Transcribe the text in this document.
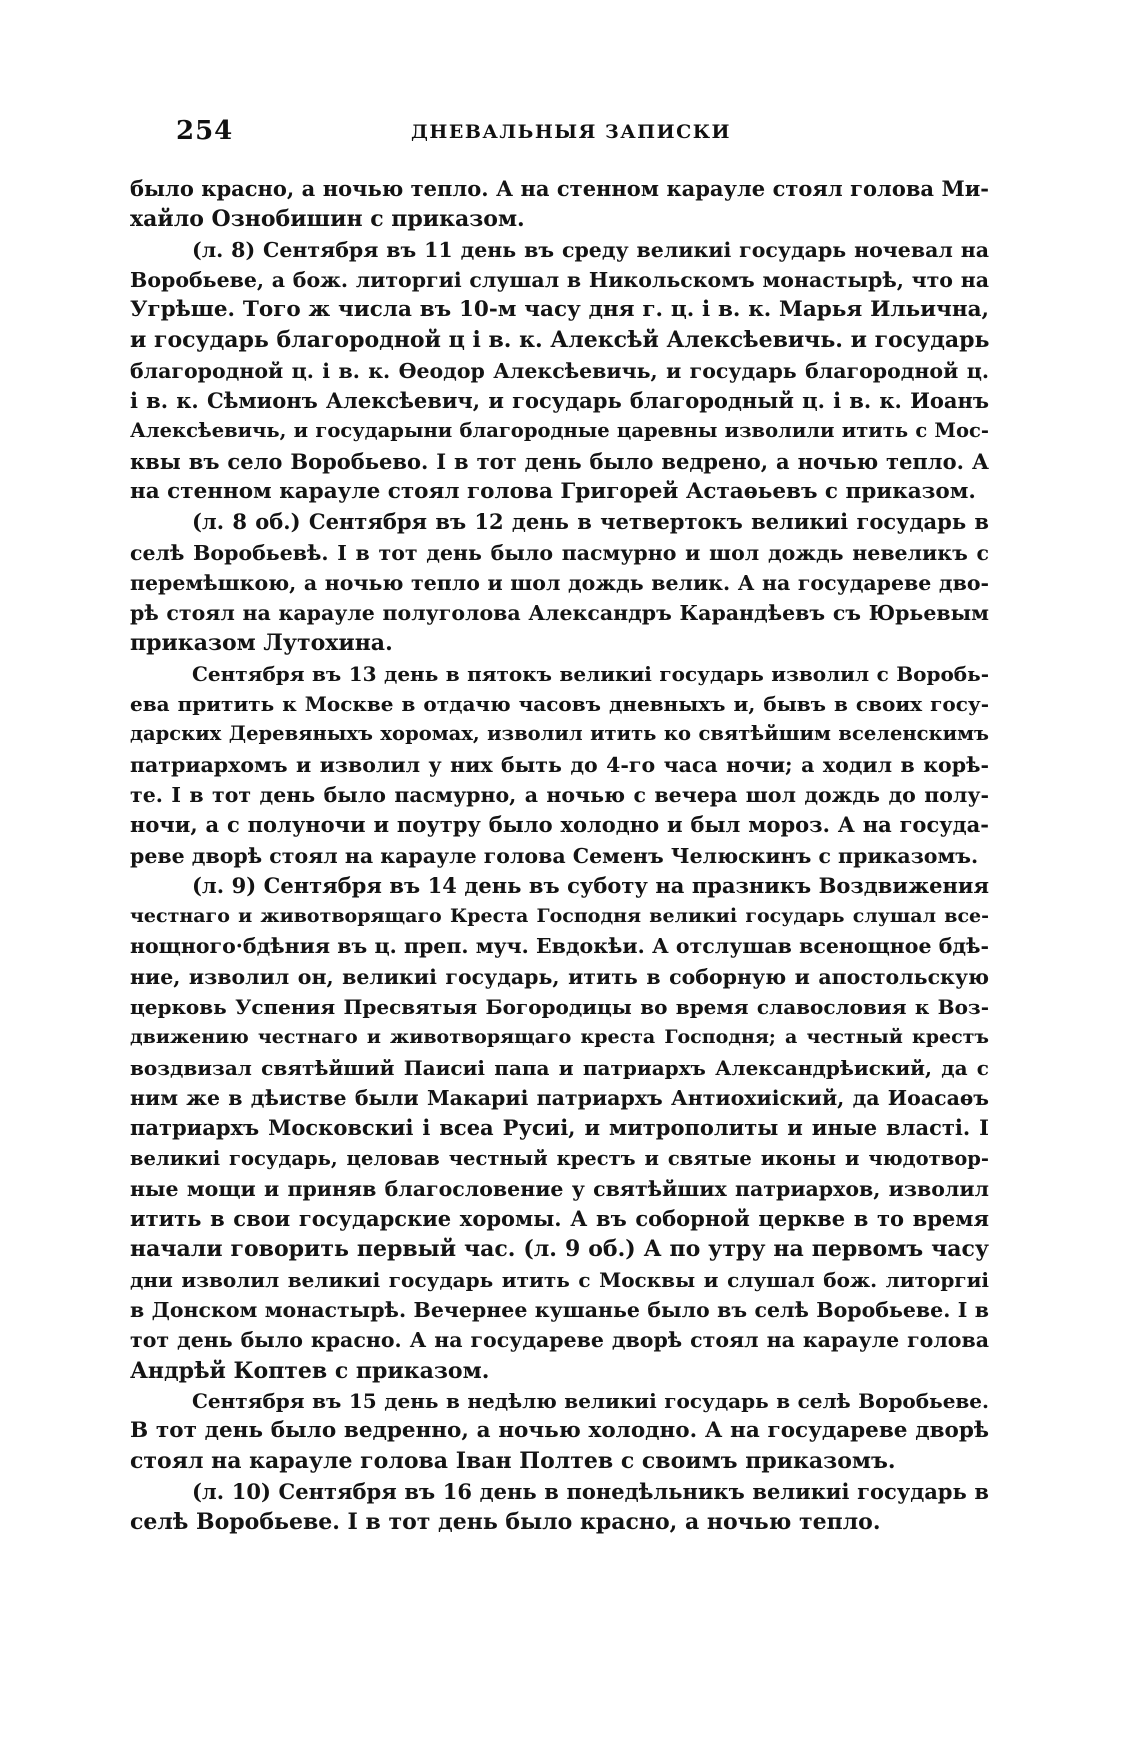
254	ДНЕВАЛЬНЫЯ ЗАПИСКИ
было красно, а ночью тепло. А на стенном карауле стоял голова Ми-
хайло Ознобишин с приказом.
(л. 8) Сентября въ 11 день въ среду великиі государь ночевал на
Воробьеве, а бож. литоргиі слушал в Никольскомъ монастырѣ, что на
Угрѣше. Того ж числа въ 10-м часу дня г. ц. і в. к. Марья Ильична,
и государь благородной ц і в. к. Алексѣй Алексѣевичь. и государь
благородной ц. і в. к. Ѳеодор Алексѣевичь, и государь благородной ц.
і в. к. Сѣмионъ Алексѣевич, и государь благородный ц. і в. к. Иоанъ
Алексѣевичь, и государыни благородные царевны изволили итить с Мос-
квы въ село Воробьево. І в тот день было ведрено, а ночью тепло. А
на стенном карауле стоял голова Григорей Астаѳьевъ с приказом.
(л. 8 об.) Сентября въ 12 день в четвертокъ великиі государь в
селѣ Воробьевѣ. І в тот день было пасмурно и шол дождь невеликъ с
перемѣшкою, а ночью тепло и шол дождь велик. А на государеве дво-
рѣ стоял на карауле полуголова Александръ Карандѣевъ съ Юрьевым
приказом Лутохина.
Сентября въ 13 день в пятокъ великиі государь изволил с Воробь-
ева притить к Москве в отдачю часовъ дневныхъ и, бывъ в своих госу-
дарских Деревяныхъ хоромах, изволил итить ко святѣйшим вселенскимъ
патриархомъ и изволил у них быть до 4-го часа ночи; а ходил в корѣ-
те. І в тот день было пасмурно, а ночью с вечера шол дождь до полу-
ночи, а с полуночи и поутру было холодно и был мороз. А на госуда-
реве дворѣ стоял на карауле голова Семенъ Челюскинъ с приказомъ.
(л. 9) Сентября въ 14 день въ суботу на празникъ Воздвижения
честнаго и животворящаго Креста Господня великиі государь слушал все-
нощного·бдѣния въ ц. преп. муч. Евдокѣи. А отслушав всенощное бдѣ-
ние, изволил он, великиі государь, итить в соборную и апостольскую
церковь Успения Пресвятыя Богородицы во время славословия к Воз-
движению честнаго и животворящаго креста Господня; а честный крестъ
воздвизал святѣйший Паисиі папа и патриархъ Александрѣиский, да с
ним же в дѣистве были Макариі патриархъ Антиохиіский, да Иоасаѳъ
патриархъ Московскиі і всеа Русиі, и митрополиты и иные власті. І
великиі государь, целовав честный крестъ и святые иконы и чюдотвор-
ные мощи и приняв благословение у святѣйших патриархов, изволил
итить в свои государские хоромы. А въ соборной церкве в то время
начали говорить первый час. (л. 9 об.) А по утру на первомъ часу
дни изволил великиі государь итить с Москвы и слушал бож. литоргиі
в Донском монастырѣ. Вечернее кушанье было въ селѣ Воробьеве. І в
тот день было красно. А на государеве дворѣ стоял на карауле голова
Андрѣй Коптев с приказом.
Сентября въ 15 день в недѣлю великиі государь в селѣ Воробьеве.
В тот день было ведренно, а ночью холодно. А на государеве дворѣ
стоял на карауле голова Іван Полтев с своимъ приказомъ.
(л. 10) Сентября въ 16 день в понедѣльникъ великиі государь в
селѣ Воробьеве. І в тот день было красно, а ночью тепло.
